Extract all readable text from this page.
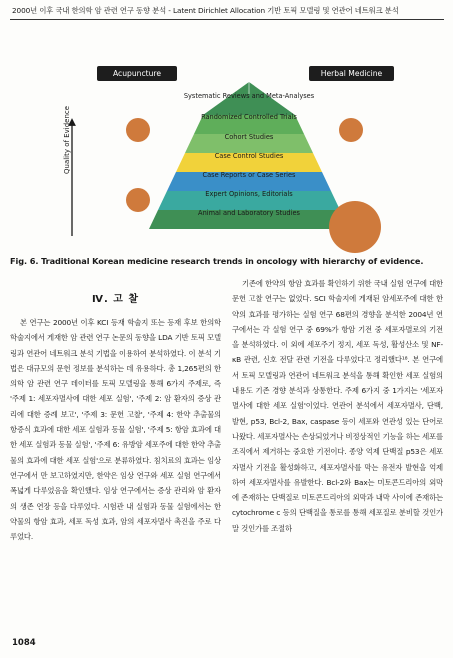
2000년 이후 국내 한의학 암 관련 연구 동향 분석 - Latent Dirichlet Allocation 기반 토픽 모델링 및 연관어 네트워크 분석
Acupuncture	Herbal Medicine
Systematic Reviews and Meta-Analyses
Randomized Controlled Trials
Cohort Studies
Case Control Studies
Case Reports or Case Series
Expert Opinions, Editorials
Animal and Laboratory Studies
Quality of Evidence
Fig. 6. Traditional Korean medicine research trends in oncology with hierarchy of evidence.
Ⅳ. 고 찰

본 연구는 2000년 이후 KCI 등재 학술지 또는 등재 후보 한의학 학술지에서 게재한 암 관련 연구 논문의 동향을 LDA 기반 토픽 모델링과 연관어 네트워크 분석 기법을 이용하여 분석하였다. 이 분석 기법은 대규모의 문헌 정보를 분석하는 데 유용하다. 총 1,265편의 한의학 암 관련 연구 데이터를 토픽 모델링을 통해 6가지 주제로, 즉 '주제 1: 세포자멸사에 대한 세포 실험', '주제 2: 암 환자의 증상 관리에 대한 증례 보고', '주제 3: 문헌 고찰', '주제 4: 한약 추출물의 항증식 효과에 대한 세포 실험과 동물 실험', '주제 5: 항암 효과에 대한 세포 실험과 동물 실험', '주제 6: 유방암 세포주에 대한 한약 추출물의 효과에 대한 세포 실험'으로 분류하였다. 침치료의 효과는 임상 연구에서 만 보고하였지만, 한약은 임상 연구와 세포 실험 연구에서 폭넓게 다루었음을 확인했다. 임상 연구에서는 증상 관리와 암 환자의 생존 연장 등을 다루었다. 시험관 내 실험과 동물 실험에서는 한약물의 항암 효과, 세포 독성 효과, 암의 세포자멸사 촉진을 주로 다루었다.

기존에 한약의 항암 효과를 확인하기 위한 국내 실험 연구에 대한 문헌 고찰 연구는 없었다. SCI 학술지에 게재된 암세포주에 대한 한약의 효과를 평가하는 실험 연구 68편의 경향을 분석한 2004년 연구에서는 각 실험 연구 중 69%가 항암 기전 중 세포자멸로의 기전을 분석하였다. 이 외에 세포주기 정지, 세포 독성, 활성산소 및 NF-κB 관련, 신호 전달 관련 기전을 다루었다고 정리했다¹⁸. 본 연구에서 토픽 모델링과 연관어 네트워크 분석을 통해 확인한 세포 실험의 내용도 기존 경향 분석과 상통한다. 주제 6가지 중 1가지는 '세포자멸사에 대한 세포 실험'이었다. 연관어 분석에서 세포자멸사, 단백, 발현, p53, Bcl-2, Bax, caspase 등이 세포와 연관성 있는 단어로 나왔다. 세포자멸사는 손상되었거나 비정상적인 기능을 하는 세포를 조직에서 제거하는 중요한 기전이다. 종양 억제 단백질 p53은 세포자멸사 기전을 활성화하고, 세포자멸사를 막는 유전자 발현을 억제하여 세포자멸사를 유발한다. Bcl-2와 Bax는 미토콘드리아의 외막에 존재하는 단백질로 미토콘드리아의 외막과 내막 사이에 존재하는 cytochrome c 등의 단백질을 통로를 통해 세포질로 분비할 것인가 말 것인가를 조절하

1084
